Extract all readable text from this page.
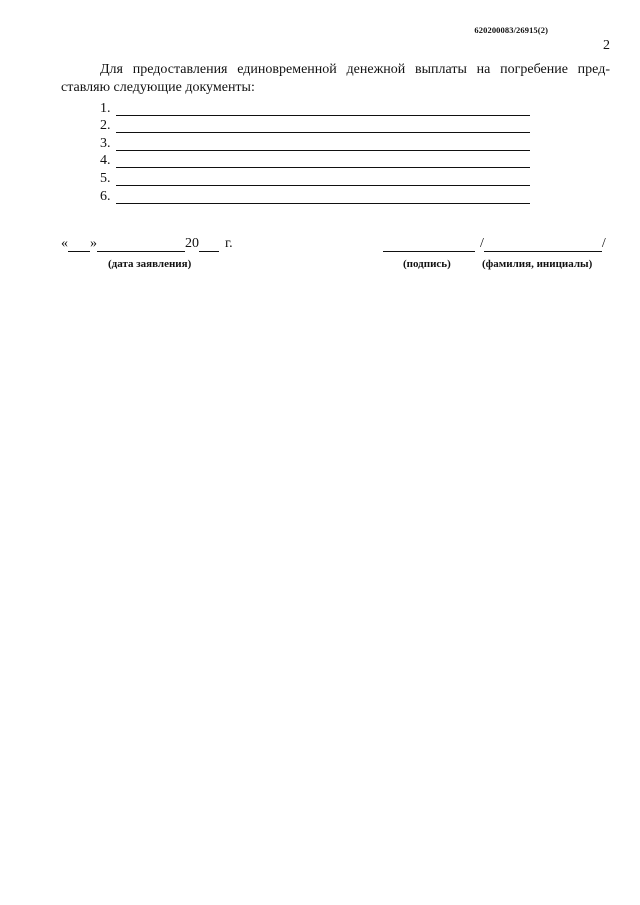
620200083/26915(2)
2
Для предоставления единовременной денежной выплаты на погребение пред-
ставляю следующие документы:
1.
2.
3.
4.
5.
6.
« »	20 г.
(дата заявления)
/	/
(подпись)	(фамилия, инициалы)
